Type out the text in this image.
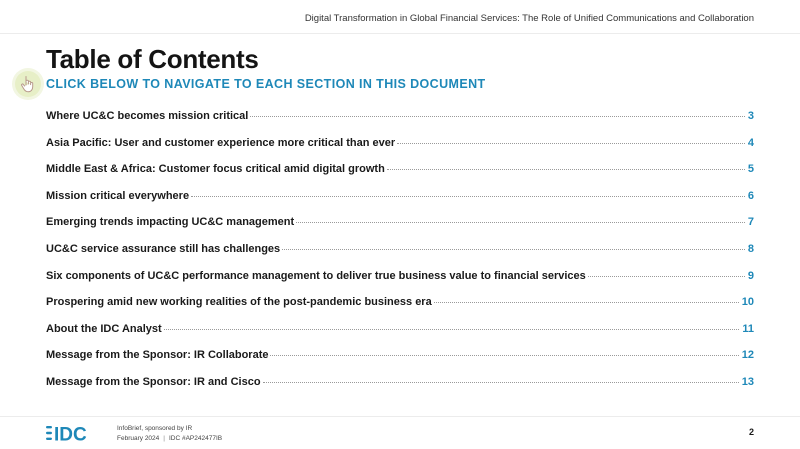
Digital Transformation in Global Financial Services: The Role of Unified Communications and Collaboration
Table of Contents
CLICK BELOW TO NAVIGATE TO EACH SECTION IN THIS DOCUMENT
Where UC&C becomes mission critical	3
Asia Pacific: User and customer experience more critical than ever	4
Middle East & Africa: Customer focus critical amid digital growth	5
Mission critical everywhere	6
Emerging trends impacting UC&C management	7
UC&C service assurance still has challenges	8
Six components of UC&C performance management to deliver true business value to financial services	9
Prospering amid new working realities of the post-pandemic business era	10
About the IDC Analyst	11
Message from the Sponsor: IR Collaborate	12
Message from the Sponsor: IR and Cisco	13
IDC	InfoBrief, sponsored by IR
February 2024 | IDC #AP242477IB
2
